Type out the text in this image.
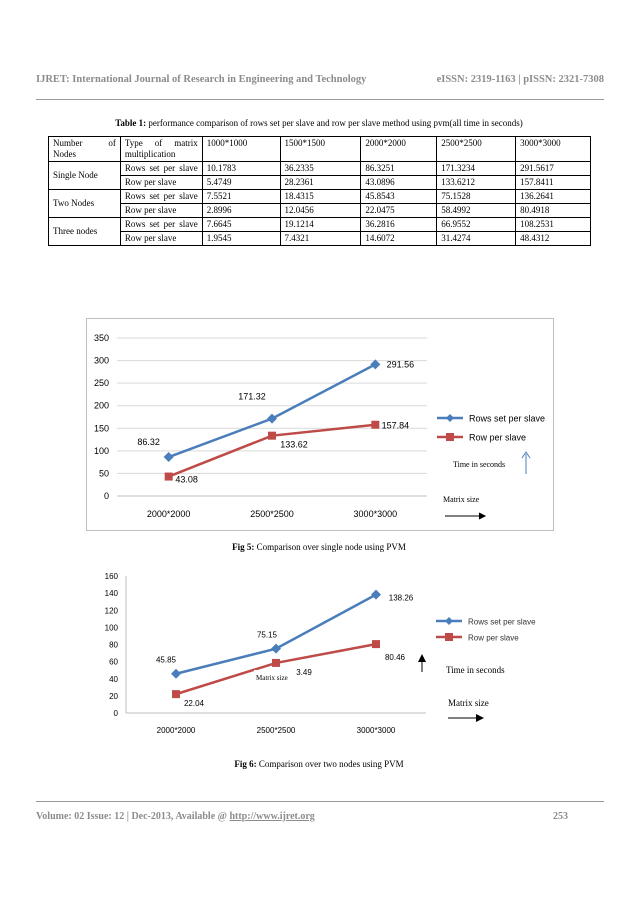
IJRET: International Journal of Research in Engineering and Technology	eISSN: 2319-1163 | pISSN: 2321-7308
Table 1: performance comparison of rows set per slave and row per slave method using pvm(all time in seconds)
Number of Nodes	Type of matrix multiplication	1000*1000	1500*1500	2000*2000	2500*2500	3000*3000
Single Node	Rows set per slave	10.1783	36.2335	86.3251	171.3234	291.5617
	Row per slave	5.4749	28.2361	43.0896	133.6212	157.8411
Two Nodes	Rows set per slave	7.5521	18.4315	45.8543	75.1528	136.2641
	Row per slave	2.8996	12.0456	22.0475	58.4992	80.4918
Three nodes	Rows set per slave	7.6645	19.1214	36.2816	66.9552	108.2531
	Row per slave	1.9545	7.4321	14.6072	31.4274	48.4312
0
50
100
150
200
250
300
350
2000*2000	2500*2500	3000*3000
86.32
171.32
291.56
43.08
133.62
157.84
Rows set per slave
Row per slave
Time in seconds
Matrix size
Fig 5: Comparison over single node using PVM
0
20
40
60
80
100
120
140
160
2000*2000	2500*2500	3000*3000
45.85
75.15
138.26
22.04
3.49
80.46
Rows set per slave
Row per slave
Matrix size
Time in seconds
Matrix size
Fig 6: Comparison over two nodes using PVM
Volume: 02 Issue: 12 | Dec-2013, Available @ http://www.ijret.org	253
